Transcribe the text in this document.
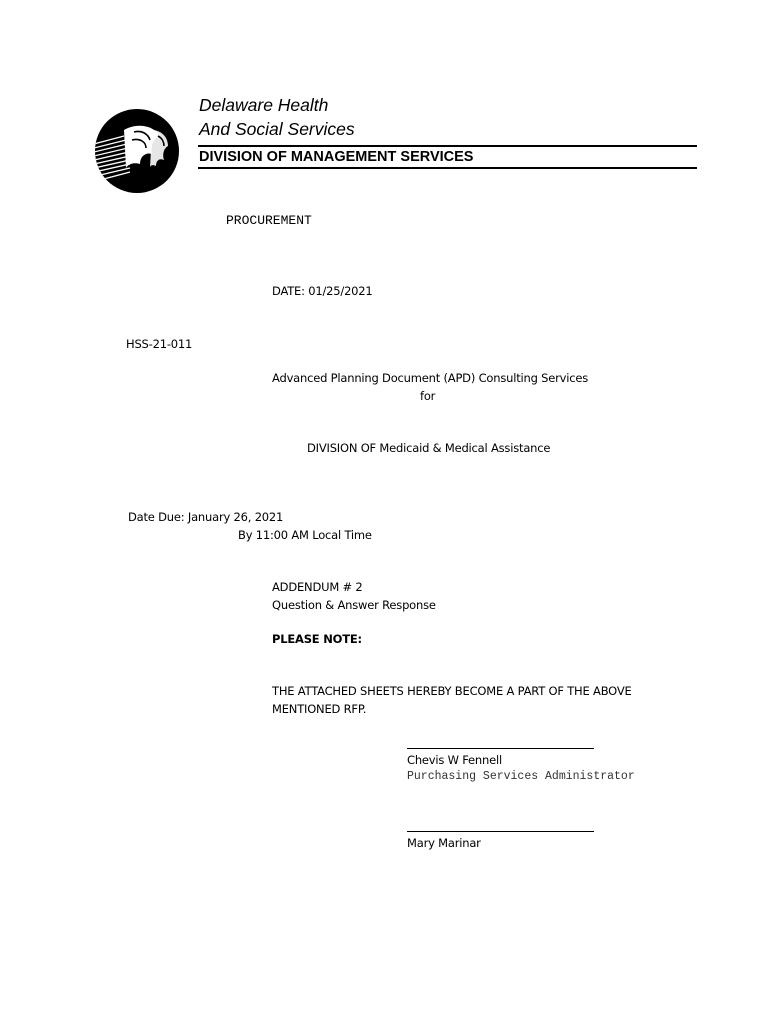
Delaware Health
And Social Services
DIVISION OF MANAGEMENT SERVICES
PROCUREMENT
DATE: 01/25/2021
HSS-21-011
Advanced Planning Document (APD) Consulting Services
for
DIVISION OF Medicaid & Medical Assistance
Date Due: January 26, 2021
By 11:00 AM Local Time
ADDENDUM # 2
Question & Answer Response
PLEASE NOTE:
THE ATTACHED SHEETS HEREBY BECOME A PART OF THE ABOVE
MENTIONED RFP.
Chevis W Fennell
Purchasing Services Administrator
Mary Marinar
